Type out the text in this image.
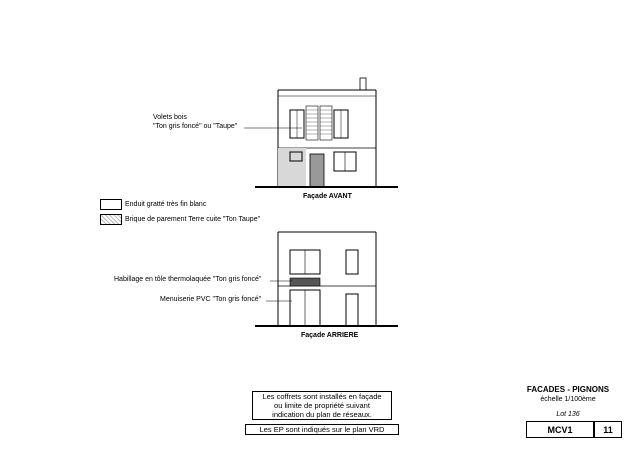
Volets bois
"Ton gris foncé" ou "Taupe"
Façade AVANT
Enduit gratté très fin blanc
Brique de parement Terre cuite "Ton Taupe"
Habillage en tôle thermolaquée "Ton gris foncé"
Menuiserie PVC "Ton gris foncé"
Façade ARRIERE
Les coffrets sont installés en façade
ou limite de propriété suivant
indication du plan de réseaux.
Les EP sont indiqués sur le plan VRD
FACADES - PIGNONS
échelle 1/100ème
Lot 136
MCV1	11
